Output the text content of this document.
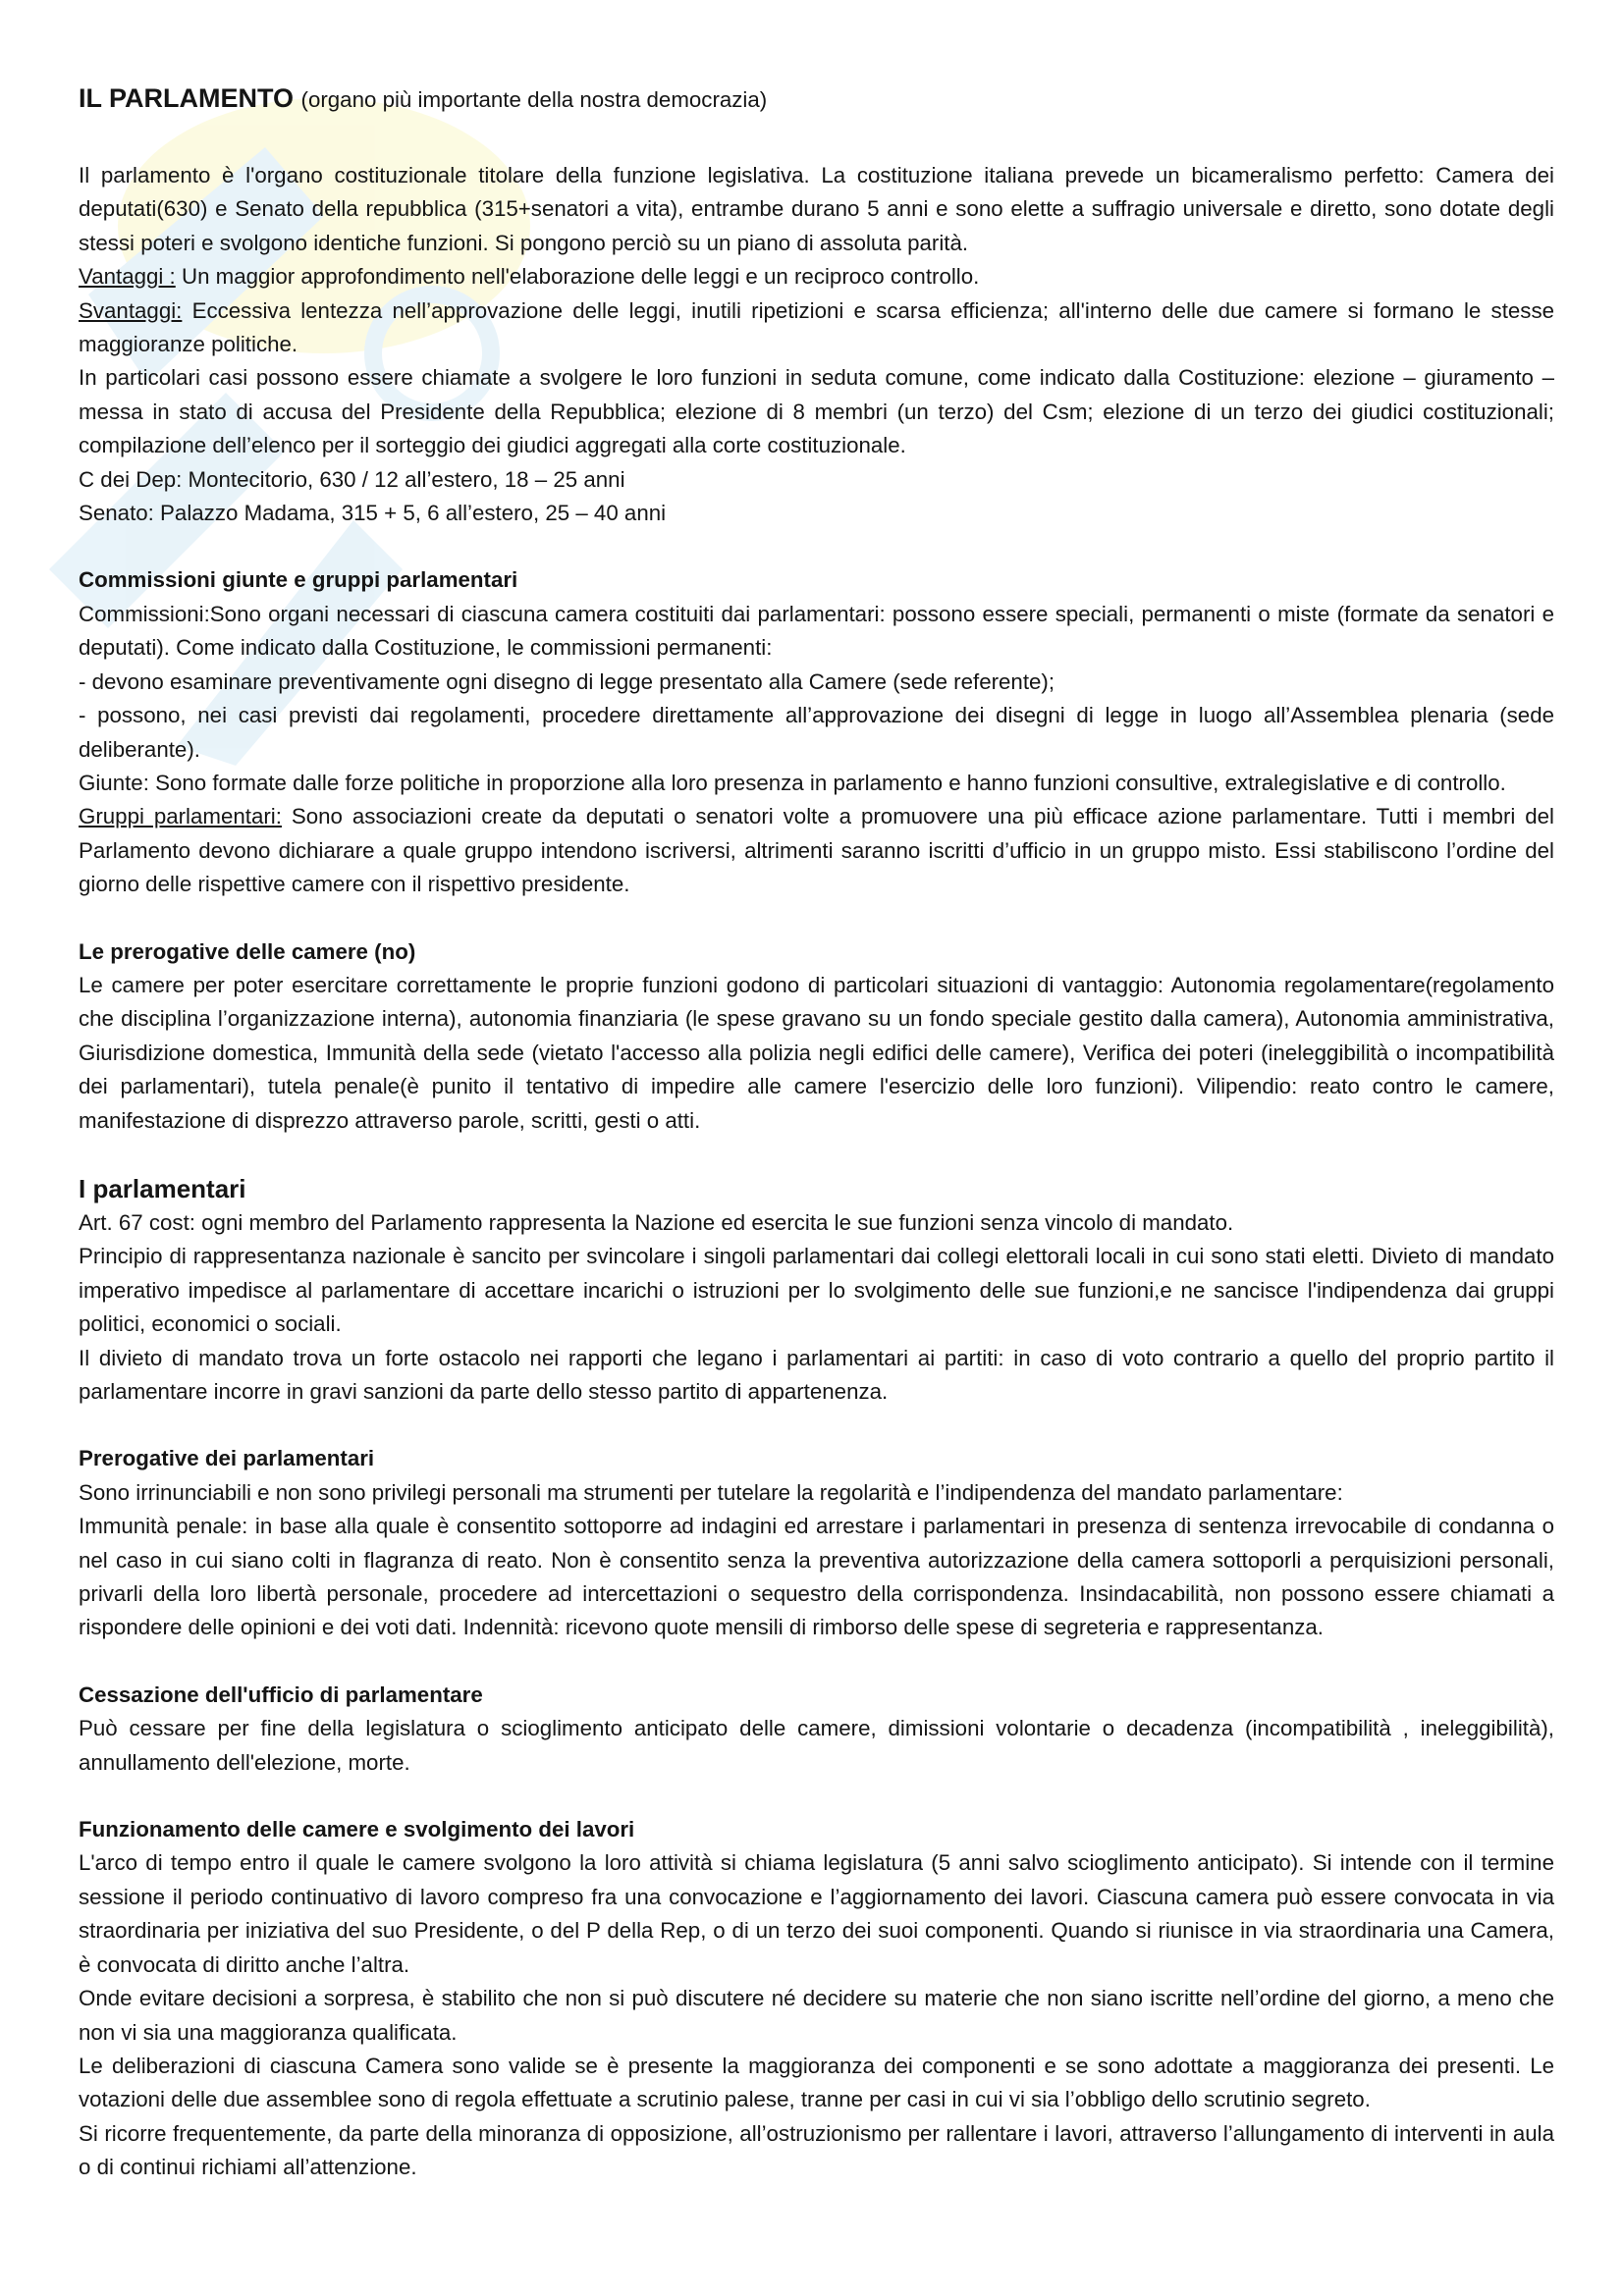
IL PARLAMENTO (organo più importante della nostra democrazia)

Il parlamento è l'organo costituzionale titolare della funzione legislativa. La costituzione italiana prevede un bicameralismo perfetto: Camera dei deputati(630) e Senato della repubblica (315+senatori a vita), entrambe durano 5 anni e sono elette a suffragio universale e diretto, sono dotate degli stessi poteri e svolgono identiche funzioni. Si pongono perciò su un piano di assoluta parità.

Vantaggi : Un maggior approfondimento nell'elaborazione delle leggi e un reciproco controllo.

Svantaggi: Eccessiva lentezza nell’approvazione delle leggi, inutili ripetizioni e scarsa efficienza; all'interno delle due camere si formano le stesse maggioranze politiche.

In particolari casi possono essere chiamate a svolgere le loro funzioni in seduta comune, come indicato dalla Costituzione: elezione – giuramento – messa in stato di accusa del Presidente della Repubblica; elezione di 8 membri (un terzo) del Csm; elezione di un terzo dei giudici costituzionali; compilazione dell’elenco per il sorteggio dei giudici aggregati alla corte costituzionale.

C dei Dep: Montecitorio, 630 / 12 all’estero, 18 – 25 anni

Senato: Palazzo Madama, 315 + 5, 6 all’estero, 25 – 40 anni

Commissioni giunte e gruppi parlamentari

Commissioni:Sono organi necessari di ciascuna camera costituiti dai parlamentari: possono essere speciali, permanenti o miste (formate da senatori e deputati). Come indicato dalla Costituzione, le commissioni permanenti:

- devono esaminare preventivamente ogni disegno di legge presentato alla Camere (sede referente);

- possono, nei casi previsti dai regolamenti, procedere direttamente all’approvazione dei disegni di legge in luogo all’Assemblea plenaria (sede deliberante).

Giunte: Sono formate dalle forze politiche in proporzione alla loro presenza in parlamento e hanno funzioni consultive, extralegislative e di controllo.

Gruppi parlamentari: Sono associazioni create da deputati o senatori volte a promuovere una più efficace azione parlamentare. Tutti i membri del Parlamento devono dichiarare a quale gruppo intendono iscriversi, altrimenti saranno iscritti d’ufficio in un gruppo misto. Essi stabiliscono l’ordine del giorno delle rispettive camere con il rispettivo presidente.

Le prerogative delle camere (no)

Le camere per poter esercitare correttamente le proprie funzioni godono di particolari situazioni di vantaggio: Autonomia regolamentare(regolamento che disciplina l’organizzazione interna), autonomia finanziaria (le spese gravano su un fondo speciale gestito dalla camera), Autonomia amministrativa, Giurisdizione domestica, Immunità della sede (vietato l'accesso alla polizia negli edifici delle camere), Verifica dei poteri (ineleggibilità o incompatibilità dei parlamentari), tutela penale(è punito il tentativo di impedire alle camere l'esercizio delle loro funzioni). Vilipendio: reato contro le camere, manifestazione di disprezzo attraverso parole, scritti, gesti o atti.

I parlamentari

Art. 67 cost: ogni membro del Parlamento rappresenta la Nazione ed esercita le sue funzioni senza vincolo di mandato.

Principio di rappresentanza nazionale è sancito per svincolare i singoli parlamentari dai collegi elettorali locali in cui sono stati eletti. Divieto di mandato imperativo impedisce al parlamentare di accettare incarichi o istruzioni per lo svolgimento delle sue funzioni,e ne sancisce l'indipendenza dai gruppi politici, economici o sociali.

Il divieto di mandato trova un forte ostacolo nei rapporti che legano i parlamentari ai partiti: in caso di voto contrario a quello del proprio partito il parlamentare incorre in gravi sanzioni da parte dello stesso partito di appartenenza.

Prerogative dei parlamentari

Sono irrinunciabili e non sono privilegi personali ma strumenti per tutelare la regolarità e l’indipendenza del mandato parlamentare:

Immunità penale: in base alla quale è consentito sottoporre ad indagini ed arrestare i parlamentari in presenza di sentenza irrevocabile di condanna o nel caso in cui siano colti in flagranza di reato. Non è consentito senza la preventiva autorizzazione della camera sottoporli a perquisizioni personali, privarli della loro libertà personale, procedere ad intercettazioni o sequestro della corrispondenza. Insindacabilità, non possono essere chiamati a rispondere delle opinioni e dei voti dati. Indennità: ricevono quote mensili di rimborso delle spese di segreteria e rappresentanza.

Cessazione dell'ufficio di parlamentare

Può cessare per fine della legislatura o scioglimento anticipato delle camere, dimissioni volontarie o decadenza (incompatibilità , ineleggibilità), annullamento dell'elezione, morte.

Funzionamento delle camere e svolgimento dei lavori

L'arco di tempo entro il quale le camere svolgono la loro attività si chiama legislatura (5 anni salvo scioglimento anticipato). Si intende con il termine sessione il periodo continuativo di lavoro compreso fra una convocazione e l’aggiornamento dei lavori. Ciascuna camera può essere convocata in via straordinaria per iniziativa del suo Presidente, o del P della Rep, o di un terzo dei suoi componenti. Quando si riunisce in via straordinaria una Camera, è convocata di diritto anche l’altra.

Onde evitare decisioni a sorpresa, è stabilito che non si può discutere né decidere su materie che non siano iscritte nell’ordine del giorno, a meno che non vi sia una maggioranza qualificata.

Le deliberazioni di ciascuna Camera sono valide se è presente la maggioranza dei componenti e se sono adottate a maggioranza dei presenti. Le votazioni delle due assemblee sono di regola effettuate a scrutinio palese, tranne per casi in cui vi sia l’obbligo dello scrutinio segreto.

Si ricorre frequentemente, da parte della minoranza di opposizione, all’ostruzionismo per rallentare i lavori, attraverso l’allungamento di interventi in aula o di continui richiami all’attenzione.
